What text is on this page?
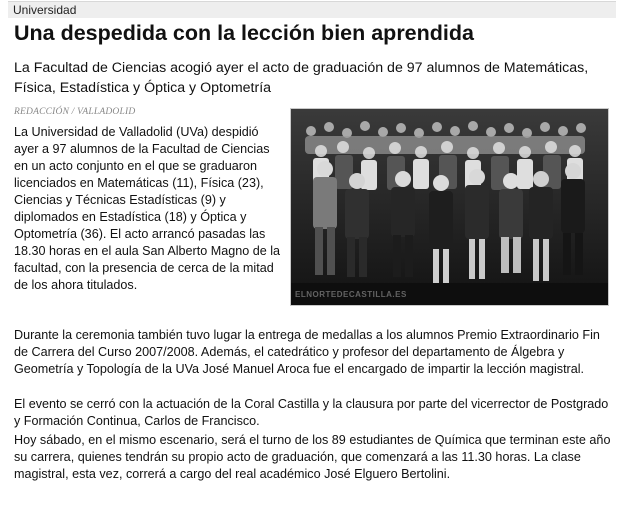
Universidad
Una despedida con la lección bien aprendida
La Facultad de Ciencias acogió ayer el acto de graduación de 97 alumnos de Matemáticas, Física, Estadística y Óptica y Optometría
REDACCIÓN / VALLADOLID
ELNORTEDECASTILLA.ES

La Universidad de Valladolid (UVa) despidió ayer a 97 alumnos de la Facultad de Ciencias en un acto conjunto en el que se graduaron licenciados en Matemáticas (11), Física (23), Ciencias y Técnicas Estadísticas (9) y diplomados en Estadística (18) y Óptica y Optometría (36). El acto arrancó pasadas las 18.30 horas en el aula San Alberto Magno de la facultad, con la presencia de cerca de la mitad de los ahora titulados.

Durante la ceremonia también tuvo lugar la entrega de medallas a los alumnos Premio Extraordinario Fin de Carrera del Curso 2007/2008. Además, el catedrático y profesor del departamento de Álgebra y Geometría y Topología de la UVa José Manuel Aroca fue el encargado de impartir la lección magistral.

El evento se cerró con la actuación de la Coral Castilla y la clausura por parte del vicerrector de Postgrado y Formación Continua, Carlos de Francisco.

Hoy sábado, en el mismo escenario, será el turno de los 89 estudiantes de Química que terminan este año su carrera, quienes tendrán su propio acto de graduación, que comenzará a las 11.30 horas. La clase magistral, esta vez, correrá a cargo del real académico José Elguero Bertolini.
